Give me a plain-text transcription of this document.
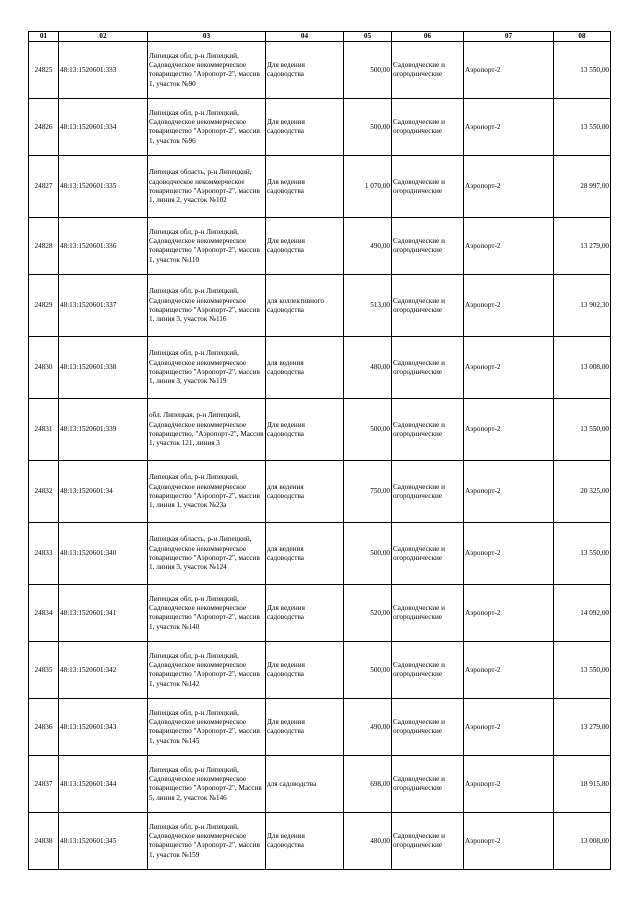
01	02	03	04	05	06	07	08
24825	48:13:1520601:333	Липецкая обл, р-н Липецкий, Садоводческое некоммерческое товарищество "Аэропорт-2", массив 1, участок №90	Для ведения садоводства	500,00	Садоводческие и огороднические	Аэропорт-2	13 550,00
24826	48:13:1520601:334	Липецкая обл, р-н Липецкий, Садоводческое некоммерческое товарищество "Аэропорт-2", массив 1, участок №96	Для ведения садоводства	500,00	Садоводческие и огороднические	Аэропорт-2	13 550,00
24827	48:13:1520601:335	Липецкая область, р-н Липецкий, садоводческое некоммерческое товарищество "Аэропорт-2", массив 1, линия 2, участок №102	Для ведения садоводства	1 070,00	Садоводческие и огороднические	Аэропорт-2	28 997,00
24828	48:13:1520601:336	Липецкая обл, р-н Липецкий, Садоводческое некоммерческое товарищество "Аэропорт-2", массив 1, участок №110	Для ведения садоводства	490,00	Садоводческие и огороднические	Аэропорт-2	13 279,00
24829	48:13:1520601:337	Липецкая обл, р-н Липецкий, Садоводческое некоммерческое товарищество "Аэропорт-2", массив 1, линия 3, участок №116	для коллективного садоводства	513,00	Садоводческие и огороднические	Аэропорт-2	13 902,30
24830	48:13:1520601:338	Липецкая обл, р-н Липецкий, Садоводческое некоммерческое товарищество "Аэропорт-2", массив 1, линия 3, участок №119	для ведения садоводства	480,00	Садоводческие и огороднические	Аэропорт-2	13 008,00
24831	48:13:1520601:339	обл. Липецкая, р-н Липецкий, Садоводческое некоммерческое товарищество, "Аэропорт-2", Массив 1, участок 121, линия 3	Для ведения садоводства	500,00	Садоводческие и огороднические	Аэропорт-2	13 550,00
24832	48:13:1520601:34	Липецкая обл, р-н Липецкий, Садоводческое некоммерческое товарищество "Аэропорт-2", массив 1, линия 1, участок №23а	для ведения садоводства	750,00	Садоводческие и огороднические	Аэропорт-2	20 325,00
24833	48:13:1520601:340	Липецкая область, р-н Липецкий, Садоводческое некоммерческое товарищество "Аэропорт-2", массив 1, линия 3, участок №124	для ведения садоводства	500,00	Садоводческие и огороднические	Аэропорт-2	13 550,00
24834	48:13:1520601:341	Липецкая обл, р-н Липецкий, Садоводческое некоммерческое товарищество "Аэропорт-2", массив 1, участок №140	Для ведения садоводства	520,00	Садоводческие и огороднические	Аэропорт-2	14 092,00
24835	48:13:1520601:342	Липецкая обл, р-н Липецкий, Садоводческое некоммерческое товарищество "Аэропорт-2", массив 1, участок №142	Для ведения садоводства	500,00	Садоводческие и огороднические	Аэропорт-2	13 550,00
24836	48:13:1520601:343	Липецкая обл, р-н Липецкий, Садоводческое некоммерческое товарищество "Аэропорт-2", массив 1, участок №145	Для ведения садоводства	490,00	Садоводческие и огороднические	Аэропорт-2	13 279,00
24837	48:13:1520601:344	Липецкая обл, р-н Липецкий, Садоводческое некоммерческое товарищество "Аэропорт-2", Массив 5, линия 2, участок №146	для садоводства	698,00	Садоводческие и огороднические	Аэропорт-2	18 915,80
24838	48:13:1520601:345	Липецкая обл, р-н Липецкий, Садоводческое некоммерческое товарищество "Аэропорт-2", массив 1, участок №159	Для ведения садоводства	480,00	Садоводческие и огороднические	Аэропорт-2	13 008,00
